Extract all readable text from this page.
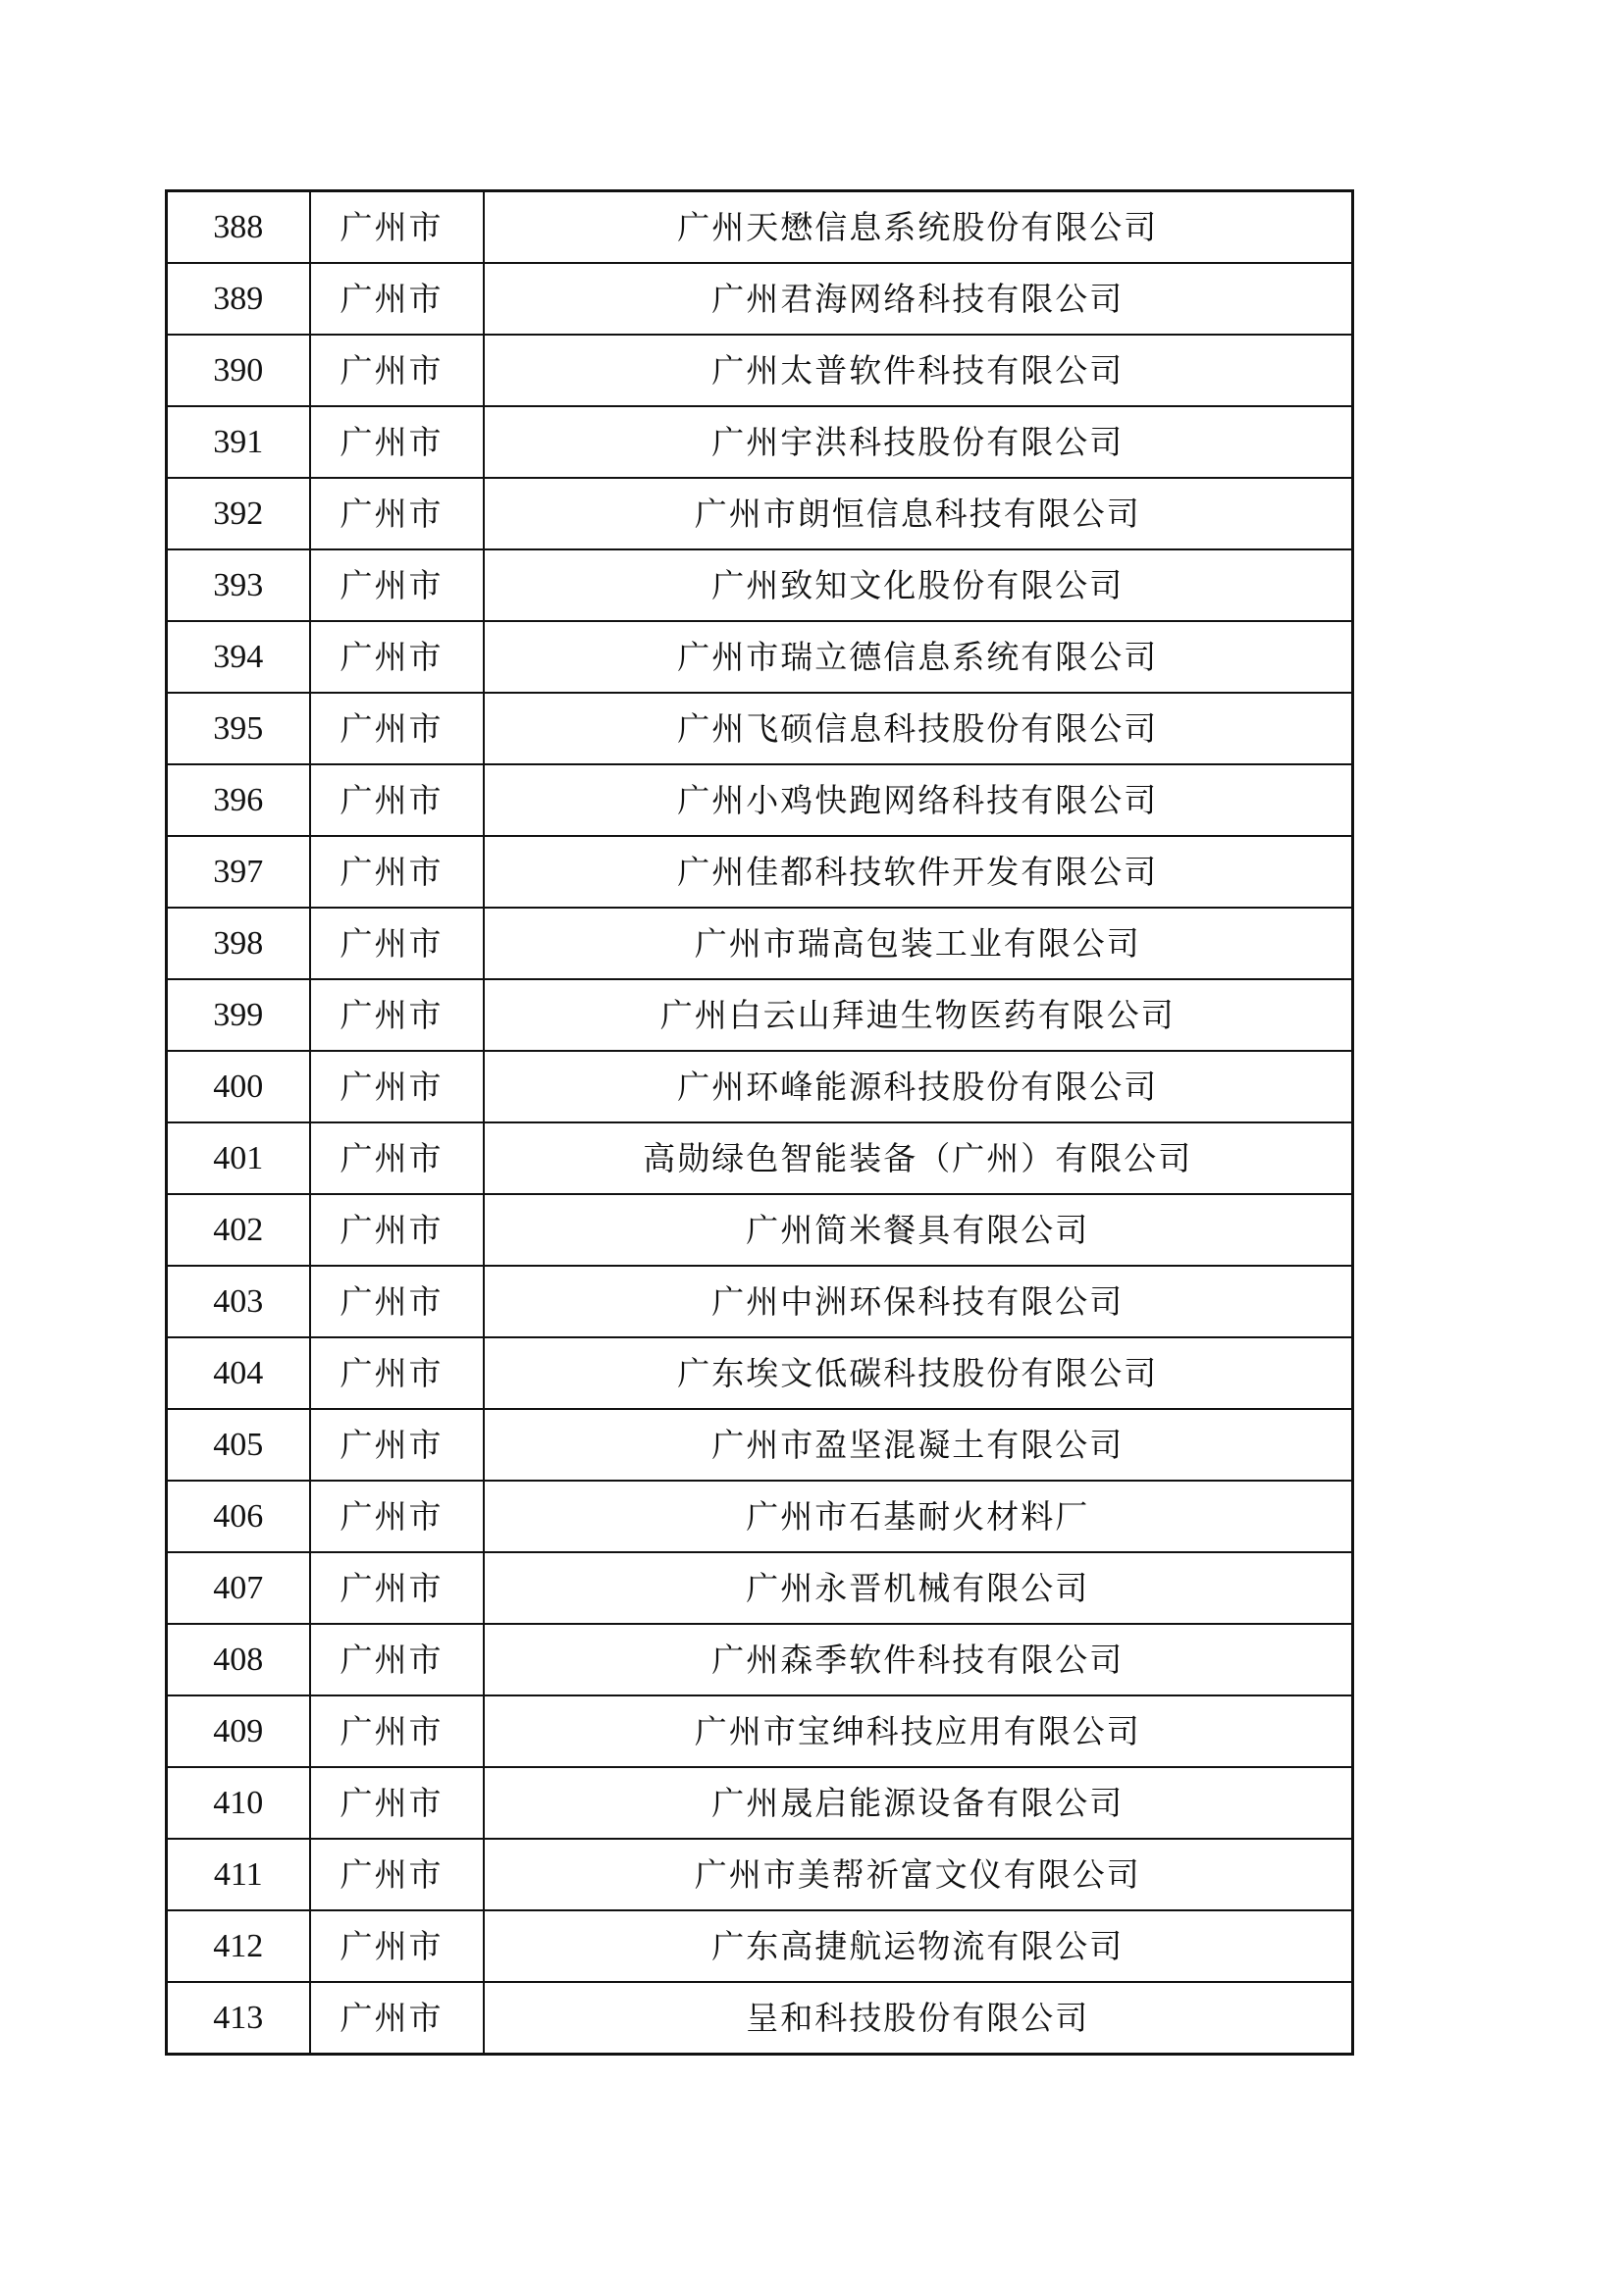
388	广州市	广州天懋信息系统股份有限公司
389	广州市	广州君海网络科技有限公司
390	广州市	广州太普软件科技有限公司
391	广州市	广州宇洪科技股份有限公司
392	广州市	广州市朗恒信息科技有限公司
393	广州市	广州致知文化股份有限公司
394	广州市	广州市瑞立德信息系统有限公司
395	广州市	广州飞硕信息科技股份有限公司
396	广州市	广州小鸡快跑网络科技有限公司
397	广州市	广州佳都科技软件开发有限公司
398	广州市	广州市瑞高包装工业有限公司
399	广州市	广州白云山拜迪生物医药有限公司
400	广州市	广州环峰能源科技股份有限公司
401	广州市	高勋绿色智能装备（广州）有限公司
402	广州市	广州简米餐具有限公司
403	广州市	广州中洲环保科技有限公司
404	广州市	广东埃文低碳科技股份有限公司
405	广州市	广州市盈坚混凝土有限公司
406	广州市	广州市石基耐火材料厂
407	广州市	广州永晋机械有限公司
408	广州市	广州森季软件科技有限公司
409	广州市	广州市宝绅科技应用有限公司
410	广州市	广州晟启能源设备有限公司
411	广州市	广州市美帮祈富文仪有限公司
412	广州市	广东高捷航运物流有限公司
413	广州市	呈和科技股份有限公司
